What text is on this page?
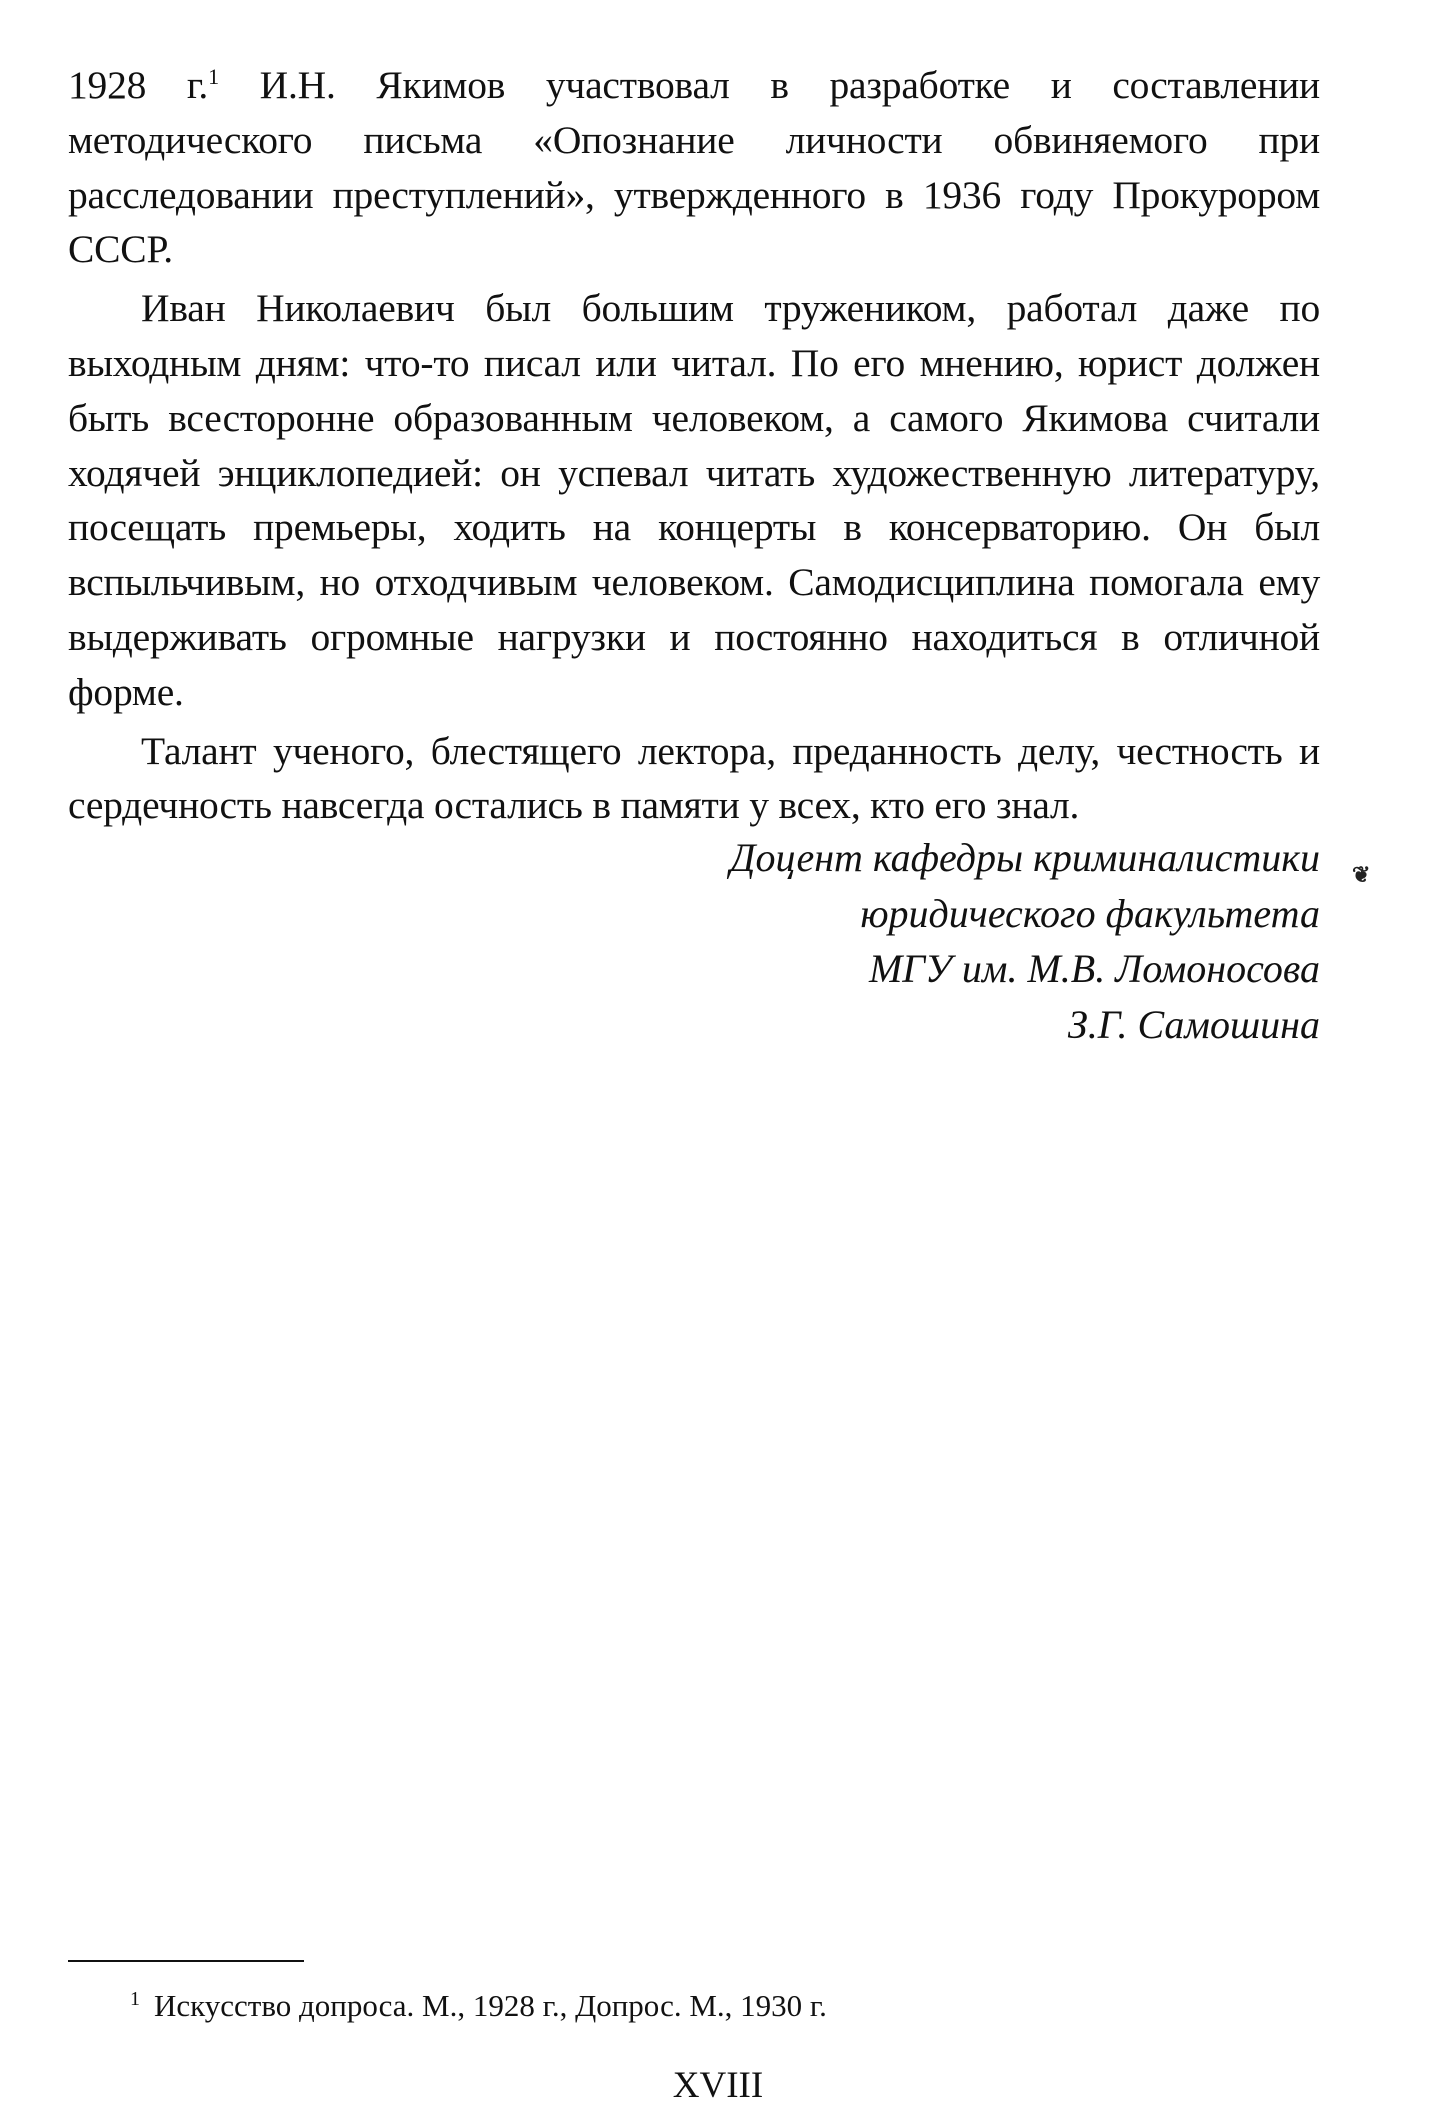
1928 г.$^1$ И.Н. Якимов участвовал в разработке и составлении методического письма «Опознание личности обвиняемого при расследовании преступлений», утвержденного в 1936 году Прокурором СССР.

Иван Николаевич был большим тружеником, работал даже по выходным дням: что-то писал или читал. По его мнению, юрист должен быть всесторонне образованным человеком, а самого Якимова считали ходячей энциклопедией: он успевал читать художественную литературу, посещать премьеры, ходить на концерты в консерваторию. Он был вспыльчивым, но отходчивым человеком. Самодисциплина помогала ему выдерживать огромные нагрузки и постоянно находиться в отличной форме.

Талант ученого, блестящего лектора, преданность делу, честность и сердечность навсегда остались в памяти у всех, кто его знал.

Доцент кафедры криминалистики
юридического факультета
МГУ им. М.В. Ломоносова
З.Г. Самошина
❦
$^1$ Искусство допроса. М., 1928 г., Допрос. М., 1930 г.
XVIII
